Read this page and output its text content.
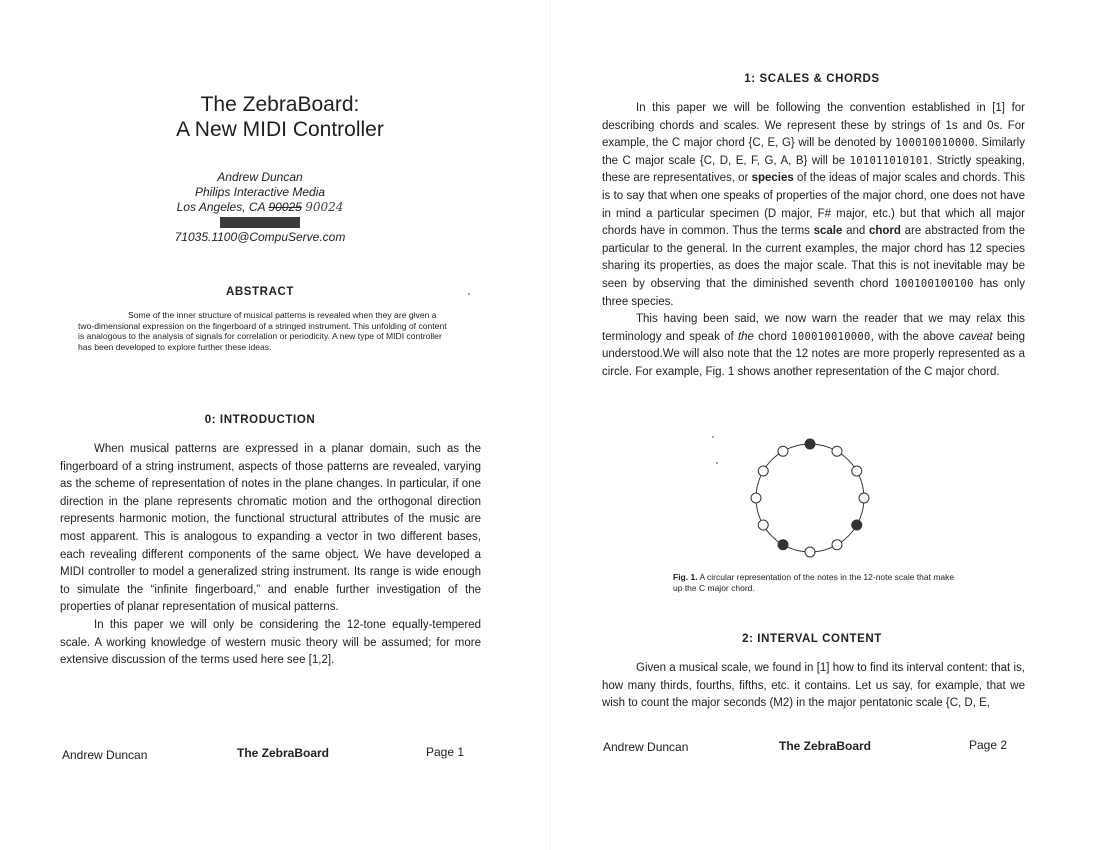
The ZebraBoard:
A New MIDI Controller
Andrew Duncan
Philips Interactive Media
Los Angeles, CA 90025 90024
71035.1100@CompuServe.com
ABSTRACT

Some of the inner structure of musical patterns is revealed when they are given a two-dimensional expression on the fingerboard of a stringed instrument. This unfolding of content is analogous to the analysis of signals for correlation or periodicity. A new type of MIDI controller has been developed to explore further these ideas.

0: INTRODUCTION

When musical patterns are expressed in a planar domain, such as the fingerboard of a string instrument, aspects of those patterns are revealed, varying as the scheme of representation of notes in the plane changes. In particular, if one direction in the plane represents chromatic motion and the orthogonal direction represents harmonic motion, the functional structural attributes of the music are most apparent. This is analogous to expanding a vector in two different bases, each revealing different components of the same object. We have developed a MIDI controller to model a generalized string instrument. Its range is wide enough to simulate the “infinite fingerboard,” and enable further investigation of the properties of planar representation of musical patterns.

In this paper we will only be considering the 12-tone equally-tempered scale. A working knowledge of western music theory will be assumed; for more extensive discussion of the terms used here see [1,2].

Andrew Duncan	The ZebraBoard	Page 1
1: SCALES & CHORDS

In this paper we will be following the convention established in [1] for describing chords and scales. We represent these by strings of 1s and 0s. For example, the C major chord {C, E, G} will be denoted by 100010010000. Similarly the C major scale {C, D, E, F, G, A, B} will be 101011010101. Strictly speaking, these are representatives, or species of the ideas of major scales and chords. This is to say that when one speaks of properties of the major chord, one does not have in mind a particular specimen (D major, F# major, etc.) but that which all major chords have in common. Thus the terms scale and chord are abstracted from the particular to the general. In the current examples, the major chord has 12 species sharing its properties, as does the major scale. That this is not inevitable may be seen by observing that the diminished seventh chord 100100100100 has only three species.

This having been said, we now warn the reader that we may relax this terminology and speak of the chord 100010010000, with the above caveat being understood.We will also note that the 12 notes are more properly represented as a circle. For example, Fig. 1 shows another representation of the C major chord.

Fig. 1. A circular representation of the notes in the 12-note scale that make up the C major chord.
2: INTERVAL CONTENT

Given a musical scale, we found in [1] how to find its interval content: that is, how many thirds, fourths, fifths, etc. it contains. Let us say, for example, that we wish to count the major seconds (M2) in the major pentatonic scale {C, D, E,

Andrew Duncan	The ZebraBoard	Page 2
